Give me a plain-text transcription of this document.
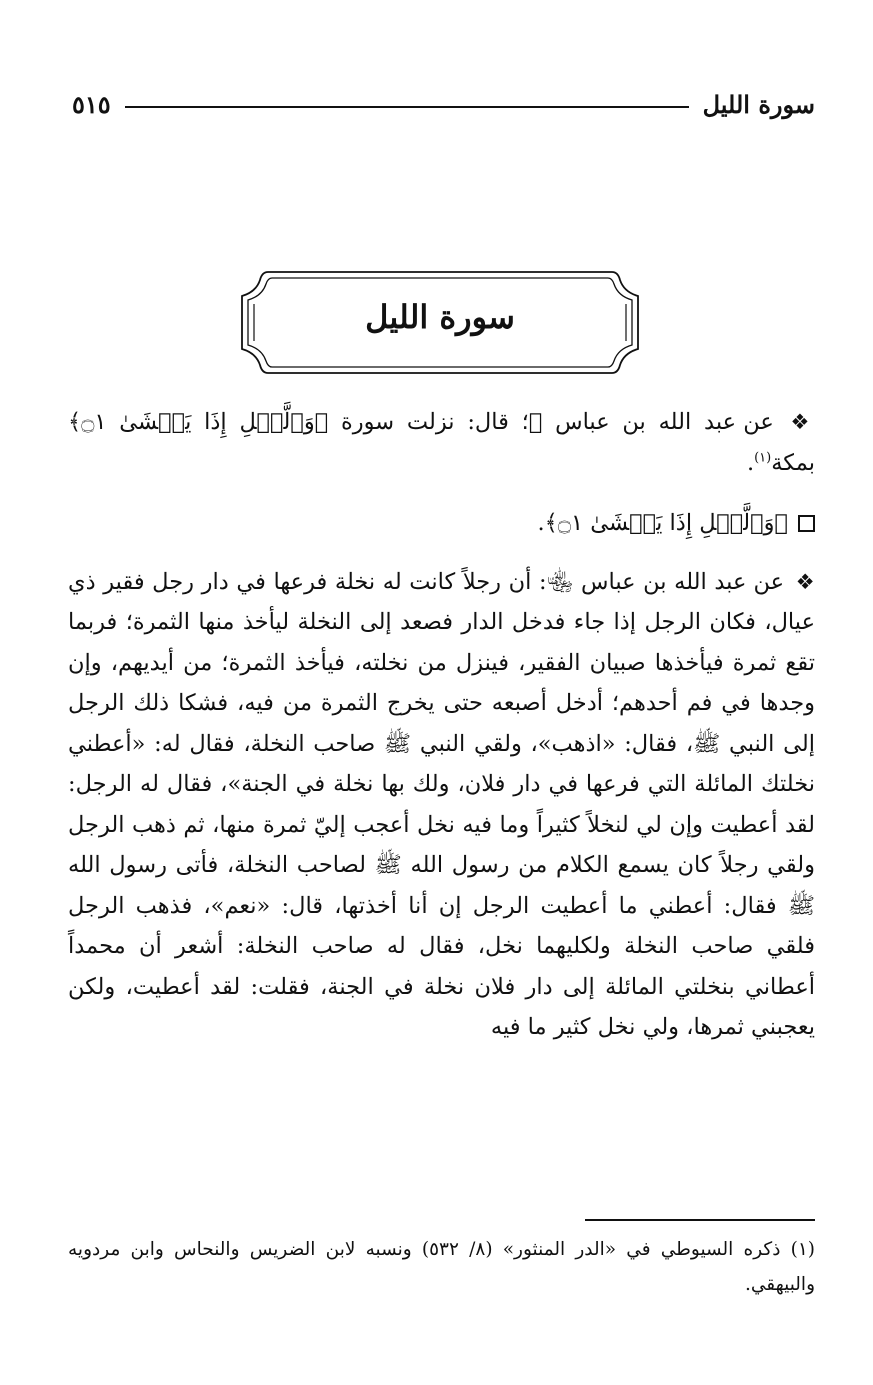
سورة الليل
٥١٥
سورة الليل

❖ عن عبد الله بن عباس ﵄؛ قال: نزلت سورة ﴿وَٱلَّيۡلِ إِذَا يَغۡشَىٰ ۝١﴾ بمكة$^{(١)}$.

﴿وَٱلَّيۡلِ إِذَا يَغۡشَىٰ ۝١﴾.

❖ عن عبد الله بن عباس ﵄: أن رجلاً كانت له نخلة فرعها في دار رجل فقير ذي عيال، فكان الرجل إذا جاء فدخل الدار فصعد إلى النخلة ليأخذ منها الثمرة؛ فربما تقع ثمرة فيأخذها صبيان الفقير، فينزل من نخلته، فيأخذ الثمرة؛ من أيديهم، وإن وجدها في فم أحدهم؛ أدخل أصبعه حتى يخرج الثمرة من فيه، فشكا ذلك الرجل إلى النبي ﷺ، فقال: «اذهب»، ولقي النبي ﷺ صاحب النخلة، فقال له: «أعطني نخلتك المائلة التي فرعها في دار فلان، ولك بها نخلة في الجنة»، فقال له الرجل: لقد أعطيت وإن لي لنخلاً كثيراً وما فيه نخل أعجب إليّ ثمرة منها، ثم ذهب الرجل ولقي رجلاً كان يسمع الكلام من رسول الله ﷺ لصاحب النخلة، فأتى رسول الله ﷺ فقال: أعطني ما أعطيت الرجل إن أنا أخذتها، قال: «نعم»، فذهب الرجل فلقي صاحب النخلة ولكليهما نخل، فقال له صاحب النخلة: أشعر أن محمداً أعطاني بنخلتي المائلة إلى دار فلان نخلة في الجنة، فقلت: لقد أعطيت، ولكن يعجبني ثمرها، ولي نخل كثير ما فيه

(١) ذكره السيوطي في «الدر المنثور» (٨/ ٥٣٢) ونسبه لابن الضريس والنحاس وابن مردويه والبيهقي.
